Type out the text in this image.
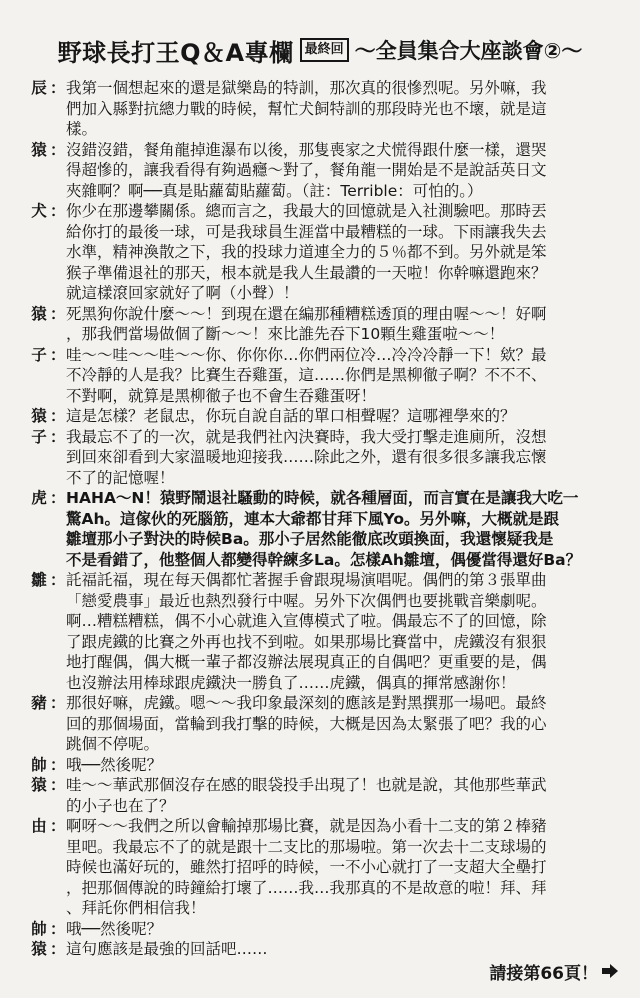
野球長打王Q＆A專欄 最終回 ～全員集合大座談會②～
辰 ： 我第一個想起來的還是獄樂島的特訓，那次真的很慘烈呢。另外嘛，我
們加入縣對抗總力戰的時候，幫忙犬飼特訓的那段時光也不壞，就是這
樣。
猿 ： 沒錯沒錯，餐角龍掉進瀑布以後，那隻喪家之犬慌得跟什麼一樣，還哭
得超慘的，讓我看得有夠過癮～對了，餐角龍一開始是不是說話英日文
夾雜啊？啊──真是貼蘿蔔貼蘿蔔。（註：Terrible：可怕的。）
犬 ： 你少在那邊攀關係。總而言之，我最大的回憶就是入社測驗吧。那時丟
給你打的最後一球，可是我球員生涯當中最糟糕的一球。下雨讓我失去
水準，精神渙散之下，我的投球力道連全力的５％都不到。另外就是笨
猴子準備退社的那天，根本就是我人生最讚的一天啦！你幹嘛還跑來？
就這樣滾回家就好了啊（小聲）！
猿 ： 死黑狗你說什麼～～！到現在還在編那種糟糕透頂的理由喔～～！好啊
，那我們當場做個了斷～～！來比誰先吞下10顆生雞蛋啦～～！
子 ： 哇～～哇～～哇～～你、你你你…你們兩位冷…冷冷冷靜一下！欸？最
不冷靜的人是我？比賽生吞雞蛋，這……你們是黑柳徹子啊？不不不、
不對啊，就算是黑柳徹子也不會生吞雞蛋呀！
猿 ： 這是怎樣？老鼠忠，你玩自說自話的單口相聲喔？這哪裡學來的？
子 ： 我最忘不了的一次，就是我們社內決賽時，我大受打擊走進廁所，沒想
到回來卻看到大家溫暖地迎接我……除此之外，還有很多很多讓我忘懷
不了的記憶喔！
虎 ： HAHA～N！猿野鬧退社騷動的時候，就各種層面，而言實在是讓我大吃一
驚Ah。這傢伙的死腦筋，連本大爺都甘拜下風Yo。另外嘛，大概就是跟
雛壇那小子對決的時候Ba。那小子居然能徹底改頭換面，我還懷疑我是
不是看錯了，他整個人都變得幹練多La。怎樣Ah雛壇，偶優當得還好Ba？
雛 ： 託福託福，現在每天偶都忙著握手會跟現場演唱呢。偶們的第３張單曲
「戀愛農事」最近也熱烈發行中喔。另外下次偶們也要挑戰音樂劇呢。
啊…糟糕糟糕，偶不小心就進入宣傳模式了啦。偶最忘不了的回憶，除
了跟虎鐵的比賽之外再也找不到啦。如果那場比賽當中，虎鐵沒有狠狠
地打醒偶，偶大概一輩子都沒辦法展現真正的自偶吧？更重要的是，偶
也沒辦法用棒球跟虎鐵決一勝負了……虎鐵，偶真的揮常感謝你！
豬 ： 那很好嘛，虎鐵。嗯～～我印象最深刻的應該是對黑撰那一場吧。最終
回的那個場面，當輪到我打擊的時候，大概是因為太緊張了吧？我的心
跳個不停呢。
帥 ： 哦──然後呢？
猿 ： 哇～～華武那個沒存在感的眼袋投手出現了！也就是說，其他那些華武
的小子也在了？
由 ： 啊呀～～我們之所以會輸掉那場比賽，就是因為小看十二支的第２棒豬
里吧。我最忘不了的就是跟十二支比的那場啦。第一次去十二支球場的
時候也滿好玩的，雖然打招呼的時候，一不小心就打了一支超大全壘打
，把那個傳說的時鐘給打壞了……我…我那真的不是故意的啦！拜、拜
、拜託你們相信我！
帥 ： 哦──然後呢？
猿 ： 這句應該是最強的回話吧……
請接第66頁！
